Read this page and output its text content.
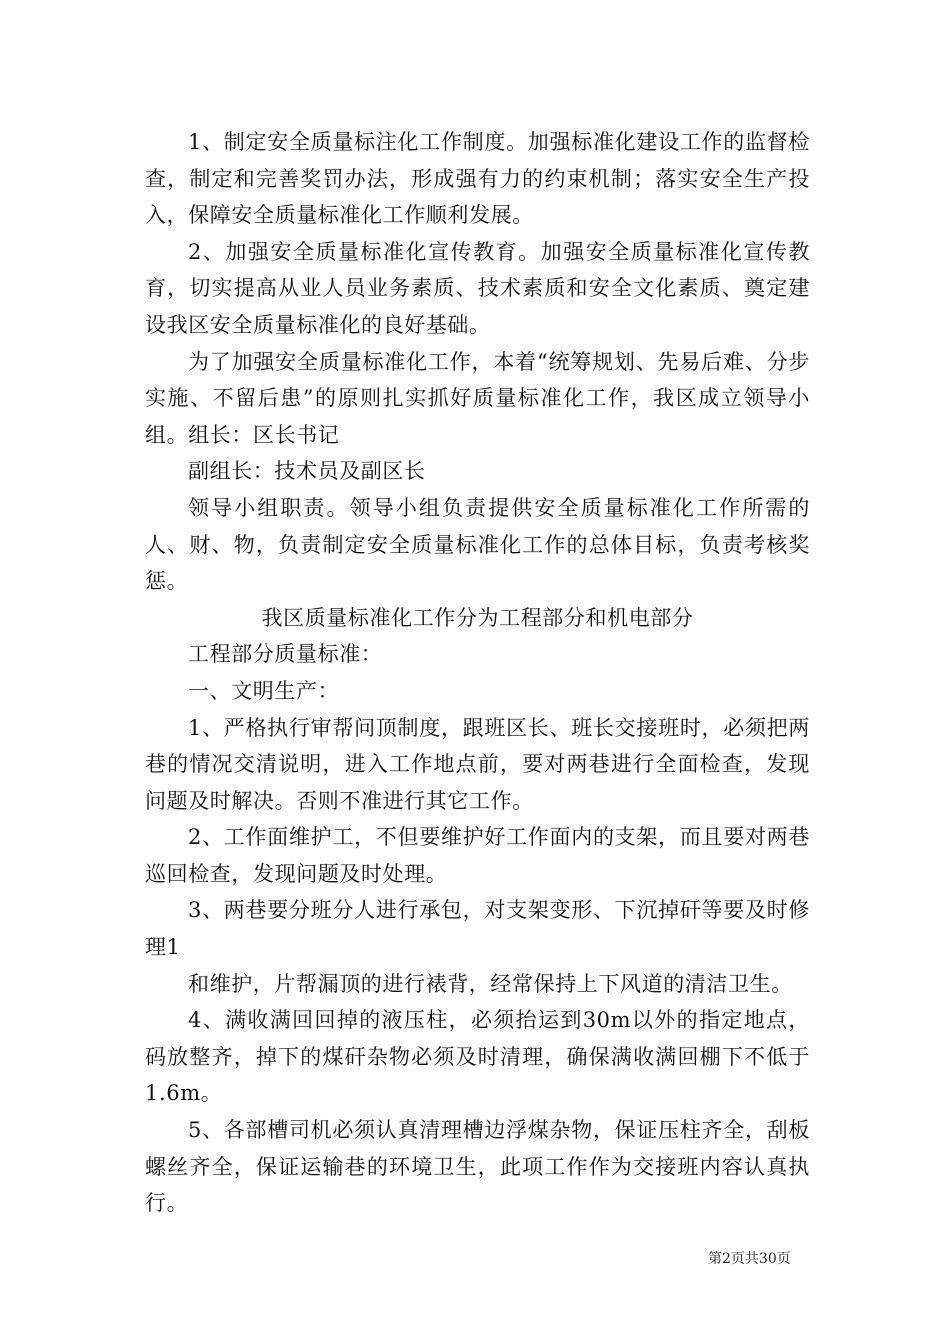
1、制定安全质量标注化工作制度。加强标准化建设工作的监督检查，制定和完善奖罚办法，形成强有力的约束机制；落实安全生产投入，保障安全质量标准化工作顺利发展。

2、加强安全质量标准化宣传教育。加强安全质量标准化宣传教育，切实提高从业人员业务素质、技术素质和安全文化素质、奠定建设我区安全质量标准化的良好基础。

为了加强安全质量标准化工作，本着“统筹规划、先易后难、分步实施、不留后患”的原则扎实抓好质量标准化工作，我区成立领导小组。组长：区长书记

副组长：技术员及副区长

领导小组职责。领导小组负责提供安全质量标准化工作所需的人、财、物，负责制定安全质量标准化工作的总体目标，负责考核奖惩。

我区质量标准化工作分为工程部分和机电部分

工程部分质量标准：

一、文明生产：

1、严格执行审帮问顶制度，跟班区长、班长交接班时，必须把两巷的情况交清说明，进入工作地点前，要对两巷进行全面检查，发现问题及时解决。否则不准进行其它工作。

2、工作面维护工，不但要维护好工作面内的支架，而且要对两巷巡回检查，发现问题及时处理。

3、两巷要分班分人进行承包，对支架变形、下沉掉矸等要及时修理1

和维护，片帮漏顶的进行裱背，经常保持上下风道的清洁卫生。

4、满收满回回掉的液压柱，必须抬运到30m以外的指定地点，码放整齐，掉下的煤矸杂物必须及时清理，确保满收满回棚下不低于1.6m。

5、各部槽司机必须认真清理槽边浮煤杂物，保证压柱齐全，刮板螺丝齐全，保证运输巷的环境卫生，此项工作作为交接班内容认真执行。

第2页共30页
